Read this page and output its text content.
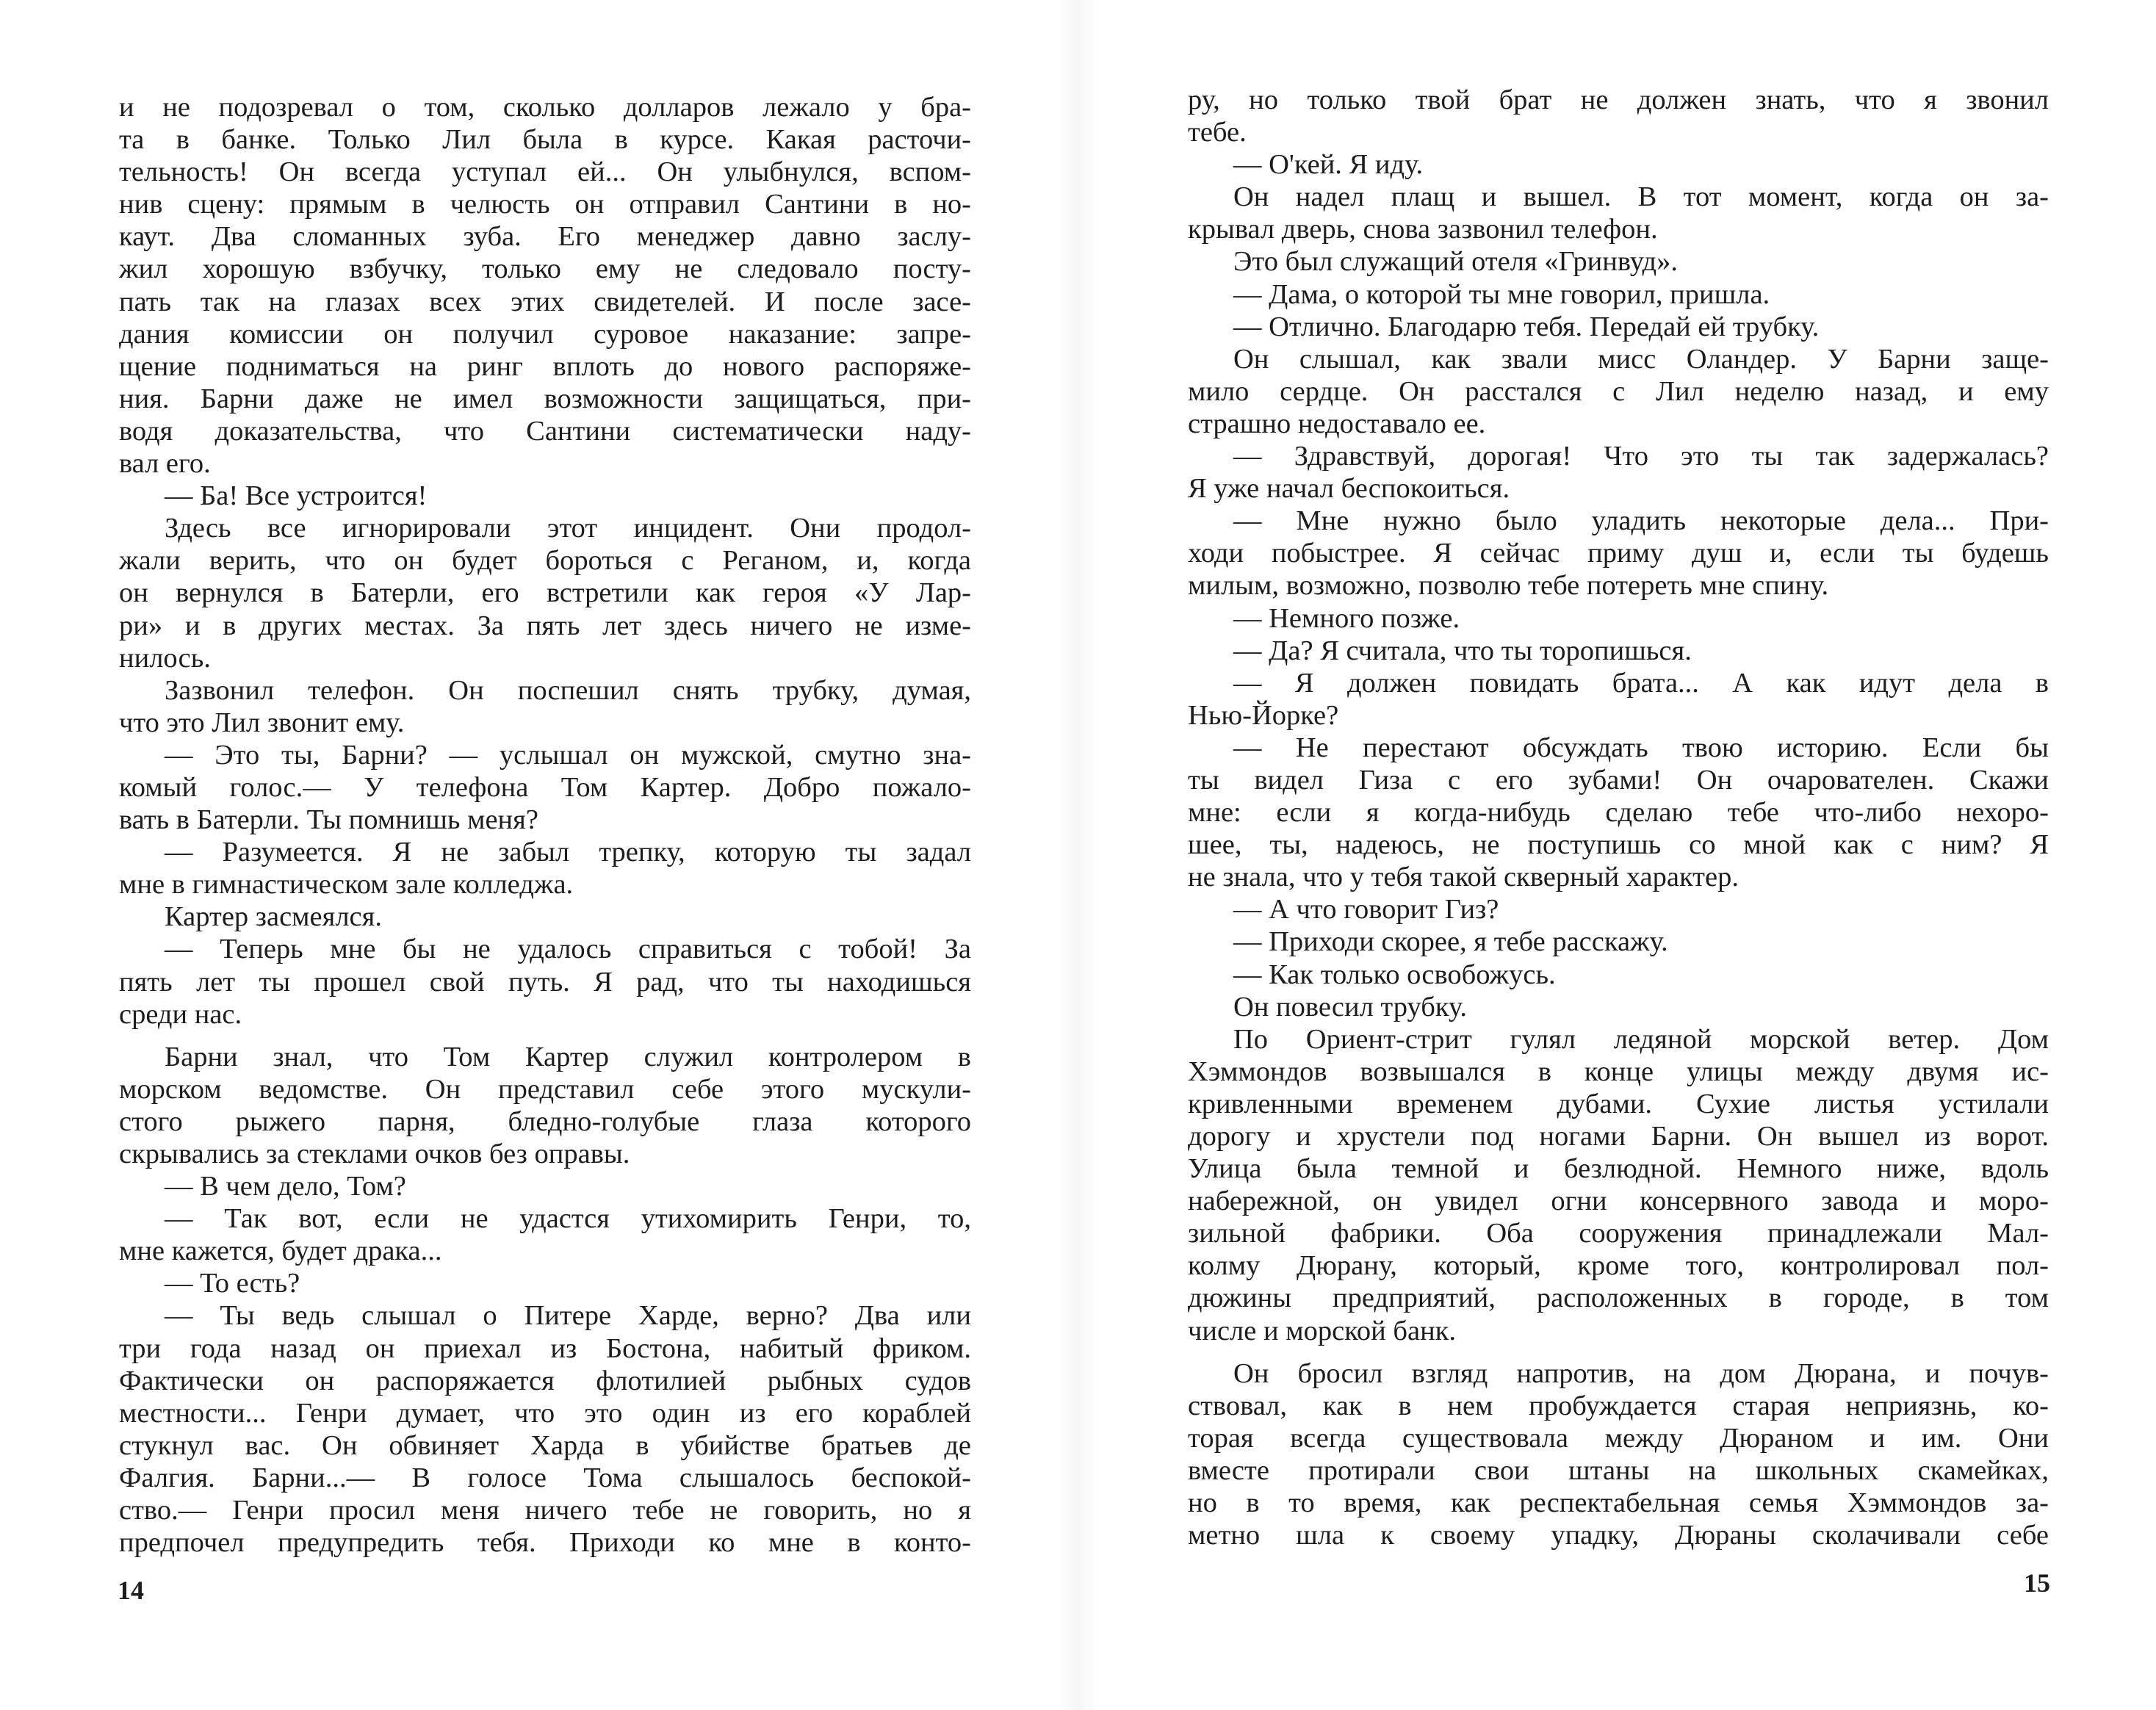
и не подозревал о том, сколько долларов лежало у бра-
та в банке. Только Лил была в курсе. Какая расточи-
тельность! Он всегда уступал ей... Он улыбнулся, вспом-
нив сцену: прямым в челюсть он отправил Сантини в но-
каут. Два сломанных зуба. Его менеджер давно заслу-
жил хорошую взбучку, только ему не следовало посту-
пать так на глазах всех этих свидетелей. И после засе-
дания комиссии он получил суровое наказание: запре-
щение подниматься на ринг вплоть до нового распоряже-
ния. Барни даже не имел возможности защищаться, при-
водя доказательства, что Сантини систематически наду-
вал его.
— Ба! Все устроится!
Здесь все игнорировали этот инцидент. Они продол-
жали верить, что он будет бороться с Реганом, и, когда
он вернулся в Батерли, его встретили как героя «У Лар-
ри» и в других местах. За пять лет здесь ничего не изме-
нилось.
Зазвонил телефон. Он поспешил снять трубку, думая,
что это Лил звонит ему.
— Это ты, Барни? — услышал он мужской, смутно зна-
комый голос.— У телефона Том Картер. Добро пожало-
вать в Батерли. Ты помнишь меня?
— Разумеется. Я не забыл трепку, которую ты задал
мне в гимнастическом зале колледжа.
Картер засмеялся.
— Теперь мне бы не удалось справиться с тобой! За
пять лет ты прошел свой путь. Я рад, что ты находишься
среди нас.
Барни знал, что Том Картер служил контролером в
морском ведомстве. Он представил себе этого мускули-
стого рыжего парня, бледно-голубые глаза которого
скрывались за стеклами очков без оправы.
— В чем дело, Том?
— Так вот, если не удастся утихомирить Генри, то,
мне кажется, будет драка...
— То есть?
— Ты ведь слышал о Питере Харде, верно? Два или
три года назад он приехал из Бостона, набитый фриком.
Фактически он распоряжается флотилией рыбных судов
местности... Генри думает, что это один из его кораблей
стукнул вас. Он обвиняет Харда в убийстве братьев де
Фалгия. Барни...— В голосе Тома слышалось беспокой-
ство.— Генри просил меня ничего тебе не говорить, но я
предпочел предупредить тебя. Приходи ко мне в конто-
14
ру, но только твой брат не должен знать, что я звонил
тебе.
— О'кей. Я иду.
Он надел плащ и вышел. В тот момент, когда он за-
крывал дверь, снова зазвонил телефон.
Это был служащий отеля «Гринвуд».
— Дама, о которой ты мне говорил, пришла.
— Отлично. Благодарю тебя. Передай ей трубку.
Он слышал, как звали мисс Оландер. У Барни заще-
мило сердце. Он расстался с Лил неделю назад, и ему
страшно недоставало ее.
— Здравствуй, дорогая! Что это ты так задержалась?
Я уже начал беспокоиться.
— Мне нужно было уладить некоторые дела... При-
ходи побыстрее. Я сейчас приму душ и, если ты будешь
милым, возможно, позволю тебе потереть мне спину.
— Немного позже.
— Да? Я считала, что ты торопишься.
— Я должен повидать брата... А как идут дела в
Нью-Йорке?
— Не перестают обсуждать твою историю. Если бы
ты видел Гиза с его зубами! Он очарователен. Скажи
мне: если я когда-нибудь сделаю тебе что-либо нехоро-
шее, ты, надеюсь, не поступишь со мной как с ним? Я
не знала, что у тебя такой скверный характер.
— А что говорит Гиз?
— Приходи скорее, я тебе расскажу.
— Как только освобожусь.
Он повесил трубку.
По Ориент-стрит гулял ледяной морской ветер. Дом
Хэммондов возвышался в конце улицы между двумя ис-
кривленными временем дубами. Сухие листья устилали
дорогу и хрустели под ногами Барни. Он вышел из ворот.
Улица была темной и безлюдной. Немного ниже, вдоль
набережной, он увидел огни консервного завода и моро-
зильной фабрики. Оба сооружения принадлежали Мал-
колму Дюрану, который, кроме того, контролировал пол-
дюжины предприятий, расположенных в городе, в том
числе и морской банк.
Он бросил взгляд напротив, на дом Дюрана, и почув-
ствовал, как в нем пробуждается старая неприязнь, ко-
торая всегда существовала между Дюраном и им. Они
вместе протирали свои штаны на школьных скамейках,
но в то время, как респектабельная семья Хэммондов за-
метно шла к своему упадку, Дюраны сколачивали себе
15
